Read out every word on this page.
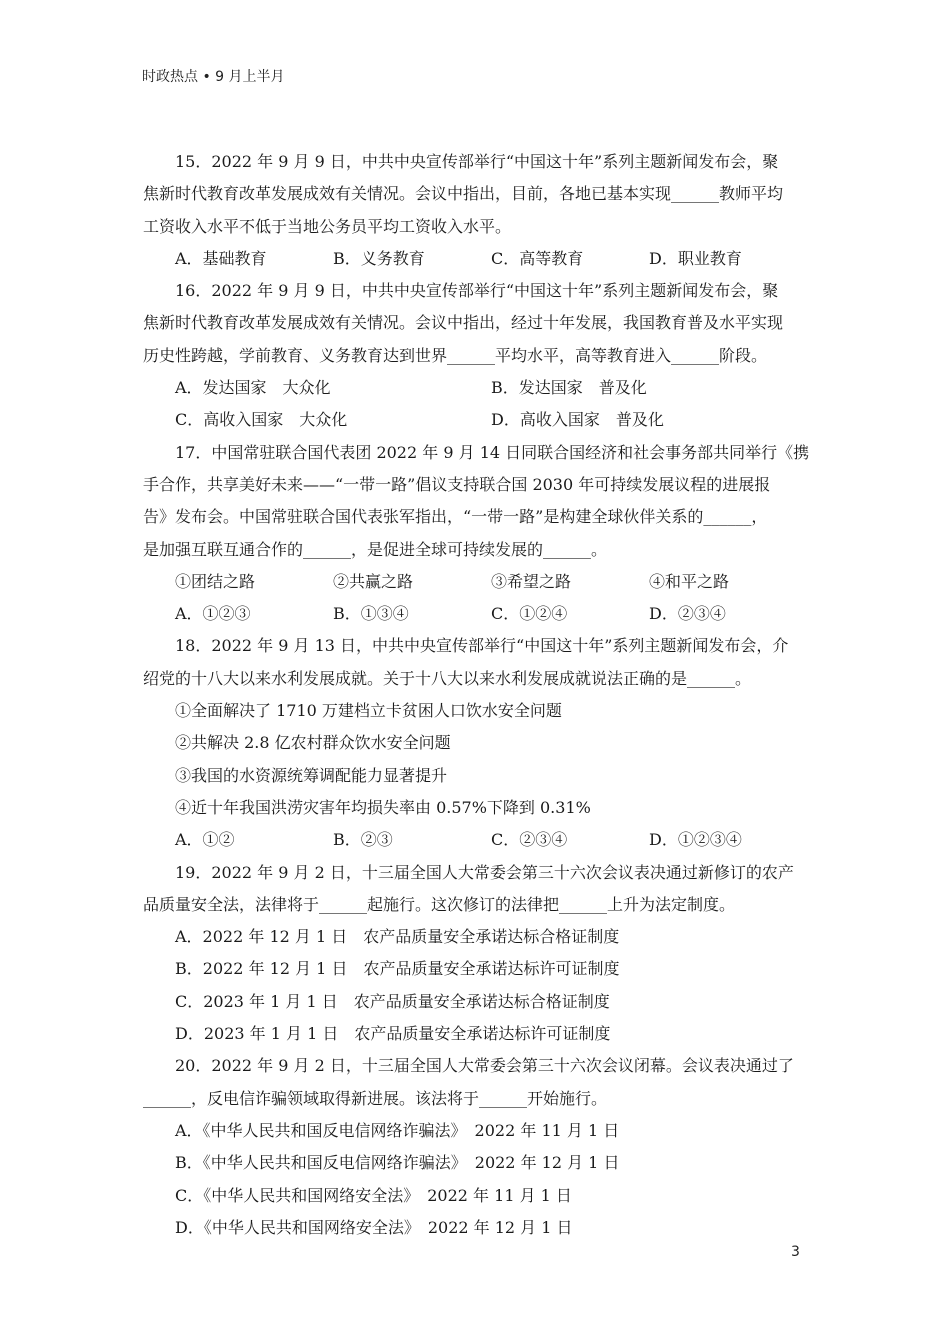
时政热点 • 9 月上半月
15．2022 年 9 月 9 日，中共中央宣传部举行“中国这十年”系列主题新闻发布会，聚
焦新时代教育改革发展成效有关情况。会议中指出，目前，各地已基本实现______教师平均
工资收入水平不低于当地公务员平均工资收入水平。
A．基础教育	B．义务教育	C．高等教育	D．职业教育
16．2022 年 9 月 9 日，中共中央宣传部举行“中国这十年”系列主题新闻发布会，聚
焦新时代教育改革发展成效有关情况。会议中指出，经过十年发展，我国教育普及水平实现
历史性跨越，学前教育、义务教育达到世界______平均水平，高等教育进入______阶段。
A．发达国家　大众化	B．发达国家　普及化
C．高收入国家　大众化	D．高收入国家　普及化
17．中国常驻联合国代表团 2022 年 9 月 14 日同联合国经济和社会事务部共同举行《携
手合作，共享美好未来——“一带一路”倡议支持联合国 2030 年可持续发展议程的进展报
告》发布会。中国常驻联合国代表张军指出，“一带一路”是构建全球伙伴关系的______，
是加强互联互通合作的______，是促进全球可持续发展的______。
①团结之路	②共赢之路	③希望之路	④和平之路
A．①②③	B．①③④	C．①②④	D．②③④
18．2022 年 9 月 13 日，中共中央宣传部举行“中国这十年”系列主题新闻发布会，介
绍党的十八大以来水利发展成就。关于十八大以来水利发展成就说法正确的是______。
①全面解决了 1710 万建档立卡贫困人口饮水安全问题
②共解决 2.8 亿农村群众饮水安全问题
③我国的水资源统筹调配能力显著提升
④近十年我国洪涝灾害年均损失率由 0.57%下降到 0.31%
A．①②	B．②③	C．②③④	D．①②③④
19．2022 年 9 月 2 日，十三届全国人大常委会第三十六次会议表决通过新修订的农产
品质量安全法，法律将于______起施行。这次修订的法律把______上升为法定制度。
A．2022 年 12 月 1 日　农产品质量安全承诺达标合格证制度
B．2022 年 12 月 1 日　农产品质量安全承诺达标许可证制度
C．2023 年 1 月 1 日　农产品质量安全承诺达标合格证制度
D．2023 年 1 月 1 日　农产品质量安全承诺达标许可证制度
20．2022 年 9 月 2 日，十三届全国人大常委会第三十六次会议闭幕。会议表决通过了
______，反电信诈骗领域取得新进展。该法将于______开始施行。
A．《中华人民共和国反电信网络诈骗法》　2022 年 11 月 1 日
B．《中华人民共和国反电信网络诈骗法》　2022 年 12 月 1 日
C．《中华人民共和国网络安全法》　2022 年 11 月 1 日
D．《中华人民共和国网络安全法》　2022 年 12 月 1 日
3
